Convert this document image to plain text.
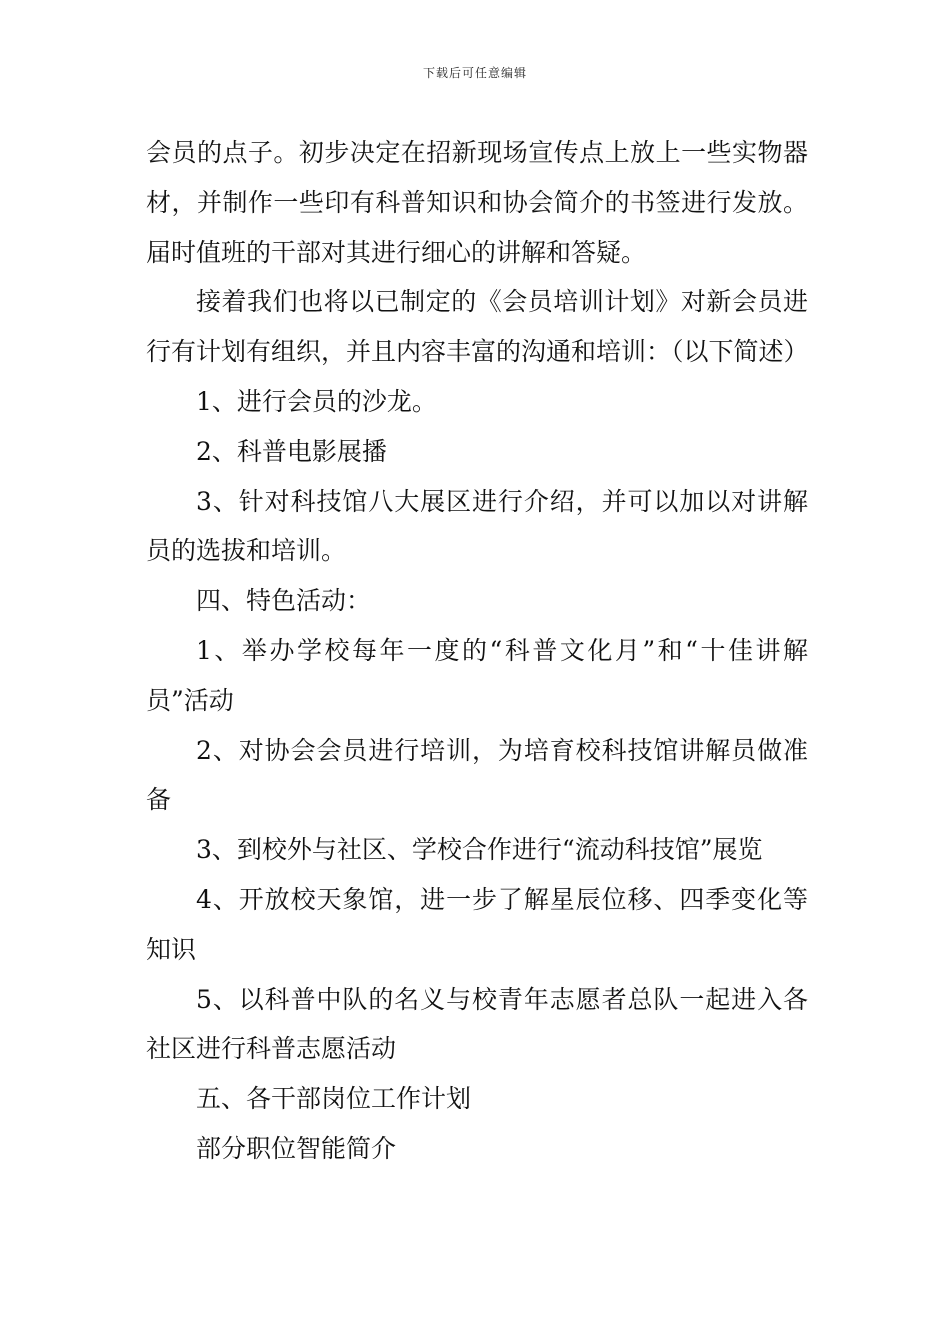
下载后可任意编辑

会员的点子。初步决定在招新现场宣传点上放上一些实物器材，并制作一些印有科普知识和协会简介的书签进行发放。届时值班的干部对其进行细心的讲解和答疑。

接着我们也将以已制定的《会员培训计划》对新会员进行有计划有组织，并且内容丰富的沟通和培训：（以下简述）

1、进行会员的沙龙。

2、科普电影展播

3、针对科技馆八大展区进行介绍，并可以加以对讲解员的选拔和培训。

四、特色活动：

1、举办学校每年一度的“科普文化月”和“十佳讲解员”活动

2、对协会会员进行培训，为培育校科技馆讲解员做准备

3、到校外与社区、学校合作进行“流动科技馆”展览

4、开放校天象馆，进一步了解星辰位移、四季变化等知识

5、以科普中队的名义与校青年志愿者总队一起进入各社区进行科普志愿活动

五、各干部岗位工作计划

部分职位智能简介
